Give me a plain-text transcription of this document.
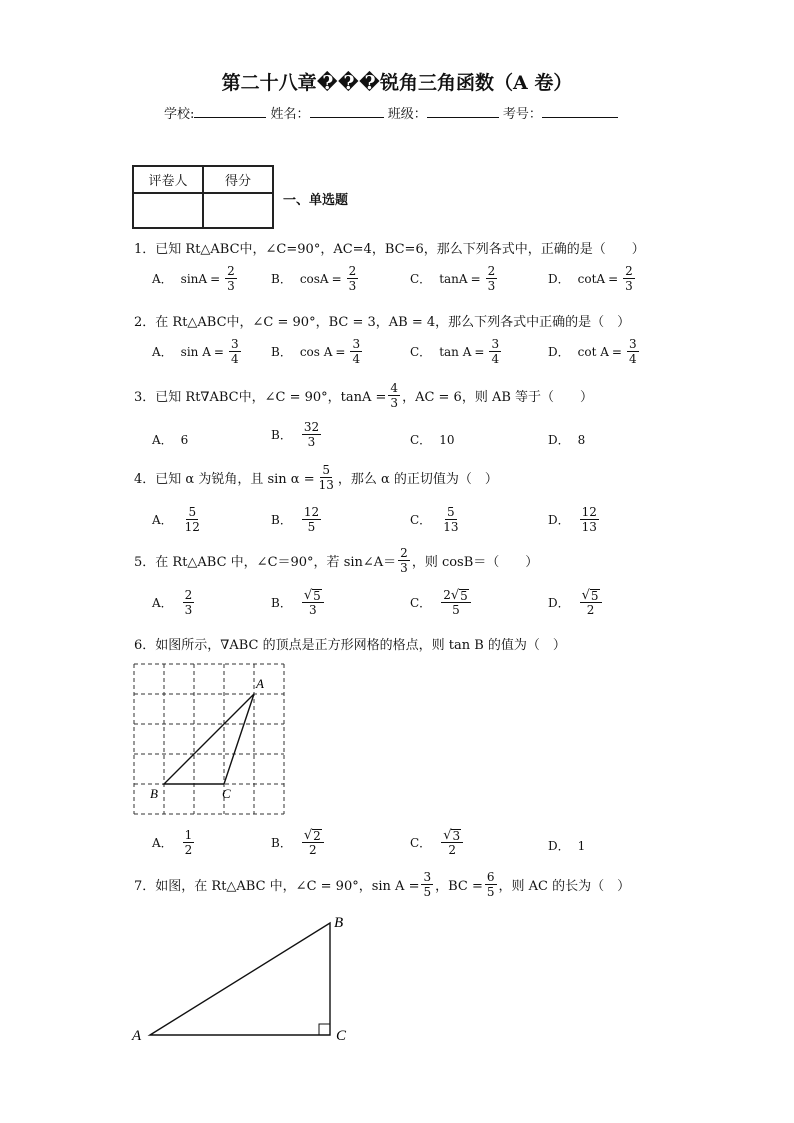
第二十八章���锐角三角函数（A 卷）
学校:	姓名：	班级：	考号：
评卷人	得分

一、单选题
1．已知 Rt△ABC中，∠C=90°，AC=4，BC=6，那么下列各式中，正确的是（　　）
A． $\sin A = \frac{2}{3}$	B． $\cos A = \frac{2}{3}$	C． $\tan A = \frac{2}{3}$	D． $\cot A = \frac{2}{3}$
2．在 Rt△ABC中，∠C = 90°，BC = 3，AB = 4，那么下列各式中正确的是（　）
A． $\sin A = \frac{3}{4}$	B． $\cos A = \frac{3}{4}$	C． $\tan A = \frac{3}{4}$	D． $\cot A = \frac{3}{4}$
3．已知 Rt∇ABC中，∠C = 90°，$\tan A = \frac{4}{3}$ ，AC = 6，则 AB 等于（　　）
A． 6	B． $\frac{32}{3}$	C． 10	D． 8
4．已知 α 为锐角，且 $\sin \alpha = \frac{5}{13}$ ，那么 α 的正切值为（　）
A． $\frac{5}{12}$	B． $\frac{12}{5}$	C． $\frac{5}{13}$	D． $\frac{12}{13}$
5．在 Rt△ABC 中，∠C＝90°，若 sin∠A＝ $\frac{2}{3}$ ，则 cosB＝（　　）
A． $\frac{2}{3}$	B． $\frac{√ 5}{3}$	C． $\frac{2 √ 5}{5}$	D． $\frac{√ 5}{2}$
6．如图所示，∇ABC 的顶点是正方形网格的格点，则 tan B 的值为（　）
A
B	C
A． $\frac{1}{2}$	B． $\frac{√ 2}{2}$	C． $\frac{√ 3}{2}$	D． 1
7．如图，在 Rt△ABC 中，∠C = 90°，$\sin A = \frac{3}{5}$ ，BC = $\frac{6}{5}$ ，则 AC 的长为（　）
A
B
C
